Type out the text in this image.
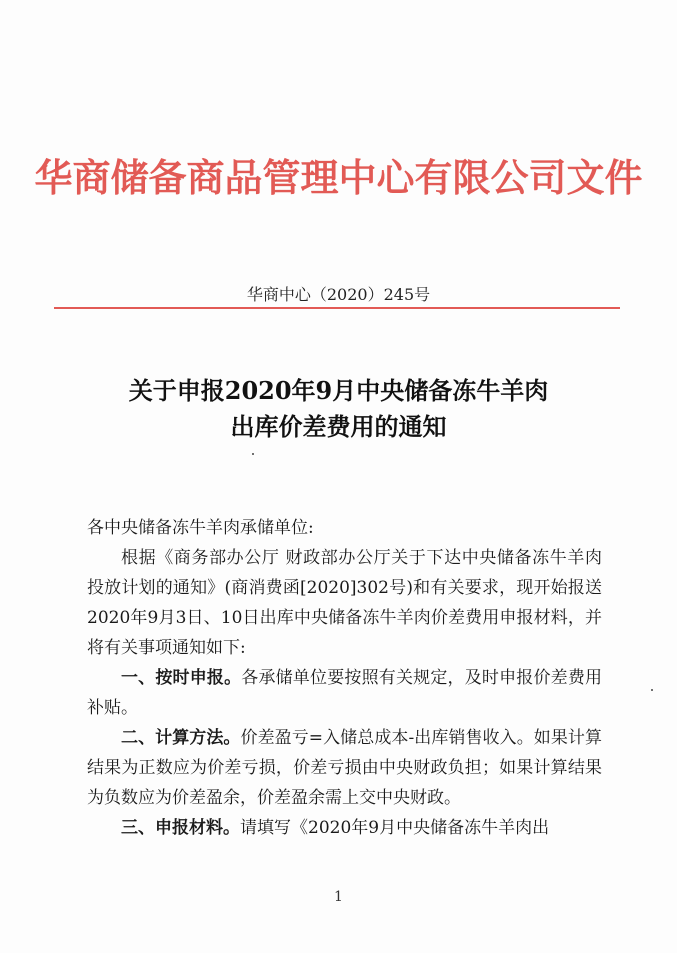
华商储备商品管理中心有限公司文件
华商中心（2020）245号
关于申报2020年9月中央储备冻牛羊肉
出库价差费用的通知

各中央储备冻牛羊肉承储单位:

根据《商务部办公厅 财政部办公厅关于下达中央储备冻牛羊肉投放计划的通知》(商消费函[2020]302号)和有关要求，现开始报送2020年9月3日、10日出库中央储备冻牛羊肉价差费用申报材料，并将有关事项通知如下:

一、按时申报。各承储单位要按照有关规定，及时申报价差费用补贴。

二、计算方法。价差盈亏=入储总成本-出库销售收入。如果计算结果为正数应为价差亏损，价差亏损由中央财政负担；如果计算结果为负数应为价差盈余，价差盈余需上交中央财政。

三、申报材料。请填写《2020年9月中央储备冻牛羊肉出

1
